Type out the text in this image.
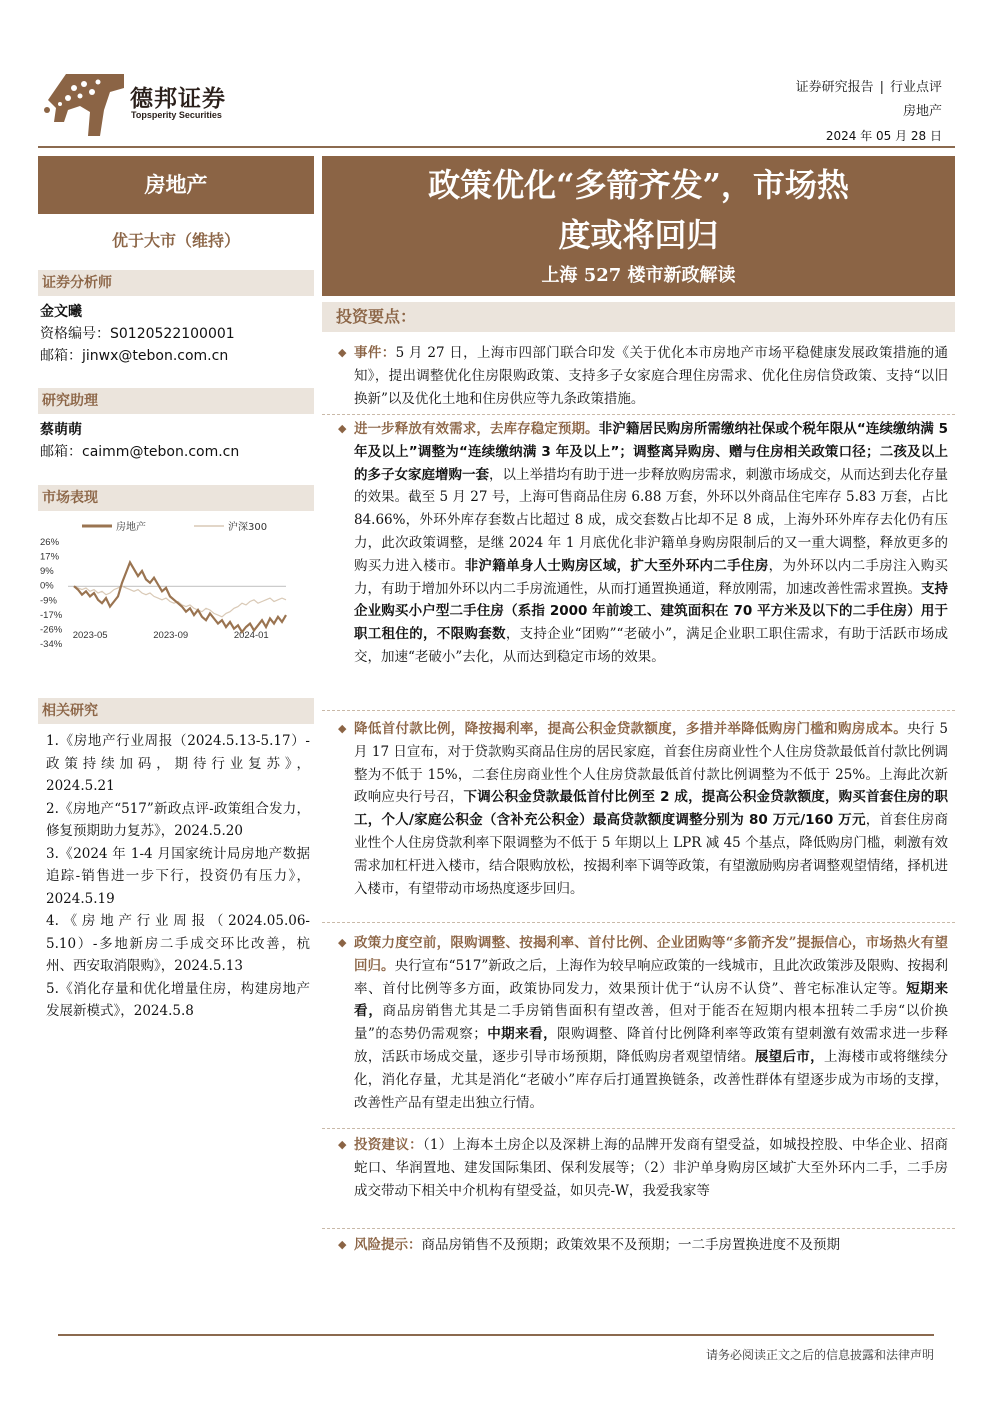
德邦证券
Topsperity Securities
证券研究报告 | 行业点评
房地产
2024 年 05 月 28 日
房地产
优于大市（维持）
证券分析师
金文曦
资格编号：S0120522100001
邮箱：jinwx@tebon.com.cn
研究助理
蔡萌萌
邮箱：caimm@tebon.com.cn
市场表现
房地产	沪深300
26%
17%
9%
0%
-9%
-17%
-26%
-34%
2023-05	2023-09	2024-01
相关研究
1.《房地产行业周报（2024.5.13-5.17）-政策持续加码，期待行业复苏》，2024.5.21
2.《房地产“517”新政点评-政策组合发力，修复预期助力复苏》，2024.5.20
3.《2024 年 1-4 月国家统计局房地产数据追踪-销售进一步下行，投资仍有压力》，2024.5.19
4.《房地产行业周报（2024.05.06-5.10）-多地新房二手成交环比改善，杭州、西安取消限购》，2024.5.13
5.《消化存量和优化增量住房，构建房地产发展新模式》，2024.5.8
政策优化“多箭齐发”，市场热
度或将回归
上海 527 楼市新政解读
投资要点：
◆ 事件：5 月 27 日，上海市四部门联合印发《关于优化本市房地产市场平稳健康发展政策措施的通知》，提出调整优化住房限购政策、支持多子女家庭合理住房需求、优化住房信贷政策、支持“以旧换新”以及优化土地和住房供应等九条政策措施。
◆ 进一步释放有效需求，去库存稳定预期。非沪籍居民购房所需缴纳社保或个税年限从“连续缴纳满 5 年及以上”调整为“连续缴纳满 3 年及以上”；调整离异购房、赠与住房相关政策口径；二孩及以上的多子女家庭增购一套，以上举措均有助于进一步释放购房需求，刺激市场成交，从而达到去化存量的效果。截至 5 月 27 号，上海可售商品住房 6.88 万套，外环以外商品住宅库存 5.83 万套，占比 84.66%，外环外库存套数占比超过 8 成，成交套数占比却不足 8 成，上海外环外库存去化仍有压力，此次政策调整，是继 2024 年 1 月底优化非沪籍单身购房限制后的又一重大调整，释放更多的购买力进入楼市。非沪籍单身人士购房区域，扩大至外环内二手住房，为外环以内二手房注入购买力，有助于增加外环以内二手房流通性，从而打通置换通道，释放刚需，加速改善性需求置换。支持企业购买小户型二手住房（系指 2000 年前竣工、建筑面积在 70 平方米及以下的二手住房）用于职工租住的，不限购套数，支持企业“团购”“老破小”，满足企业职工职住需求，有助于活跃市场成交，加速“老破小”去化，从而达到稳定市场的效果。
◆ 降低首付款比例，降按揭利率，提高公积金贷款额度，多措并举降低购房门槛和购房成本。央行 5 月 17 日宣布，对于贷款购买商品住房的居民家庭，首套住房商业性个人住房贷款最低首付款比例调整为不低于 15%，二套住房商业性个人住房贷款最低首付款比例调整为不低于 25%。上海此次新政响应央行号召，下调公积金贷款最低首付比例至 2 成，提高公积金贷款额度，购买首套住房的职工，个人/家庭公积金（含补充公积金）最高贷款额度调整分别为 80 万元/160 万元，首套住房商业性个人住房贷款利率下限调整为不低于 5 年期以上 LPR 减 45 个基点，降低购房门槛，刺激有效需求加杠杆进入楼市，结合限购放松，按揭利率下调等政策，有望激励购房者调整观望情绪，择机进入楼市，有望带动市场热度逐步回归。
◆ 政策力度空前，限购调整、按揭利率、首付比例、企业团购等“多箭齐发”提振信心，市场热火有望回归。央行宣布“517”新政之后，上海作为较早响应政策的一线城市，且此次政策涉及限购、按揭利率、首付比例等多方面，政策协同发力，效果预计优于“认房不认贷”、普宅标准认定等。短期来看，商品房销售尤其是二手房销售面积有望改善，但对于能否在短期内根本扭转二手房“以价换量”的态势仍需观察；中期来看，限购调整、降首付比例降利率等政策有望刺激有效需求进一步释放，活跃市场成交量，逐步引导市场预期，降低购房者观望情绪。展望后市，上海楼市或将继续分化，消化存量，尤其是消化“老破小”库存后打通置换链条，改善性群体有望逐步成为市场的支撑，改善性产品有望走出独立行情。
◆ 投资建议：（1）上海本土房企以及深耕上海的品牌开发商有望受益，如城投控股、中华企业、招商蛇口、华润置地、建发国际集团、保利发展等；（2）非沪单身购房区域扩大至外环内二手，二手房成交带动下相关中介机构有望受益，如贝壳-W，我爱我家等
◆ 风险提示：商品房销售不及预期；政策效果不及预期；一二手房置换进度不及预期
请务必阅读正文之后的信息披露和法律声明
